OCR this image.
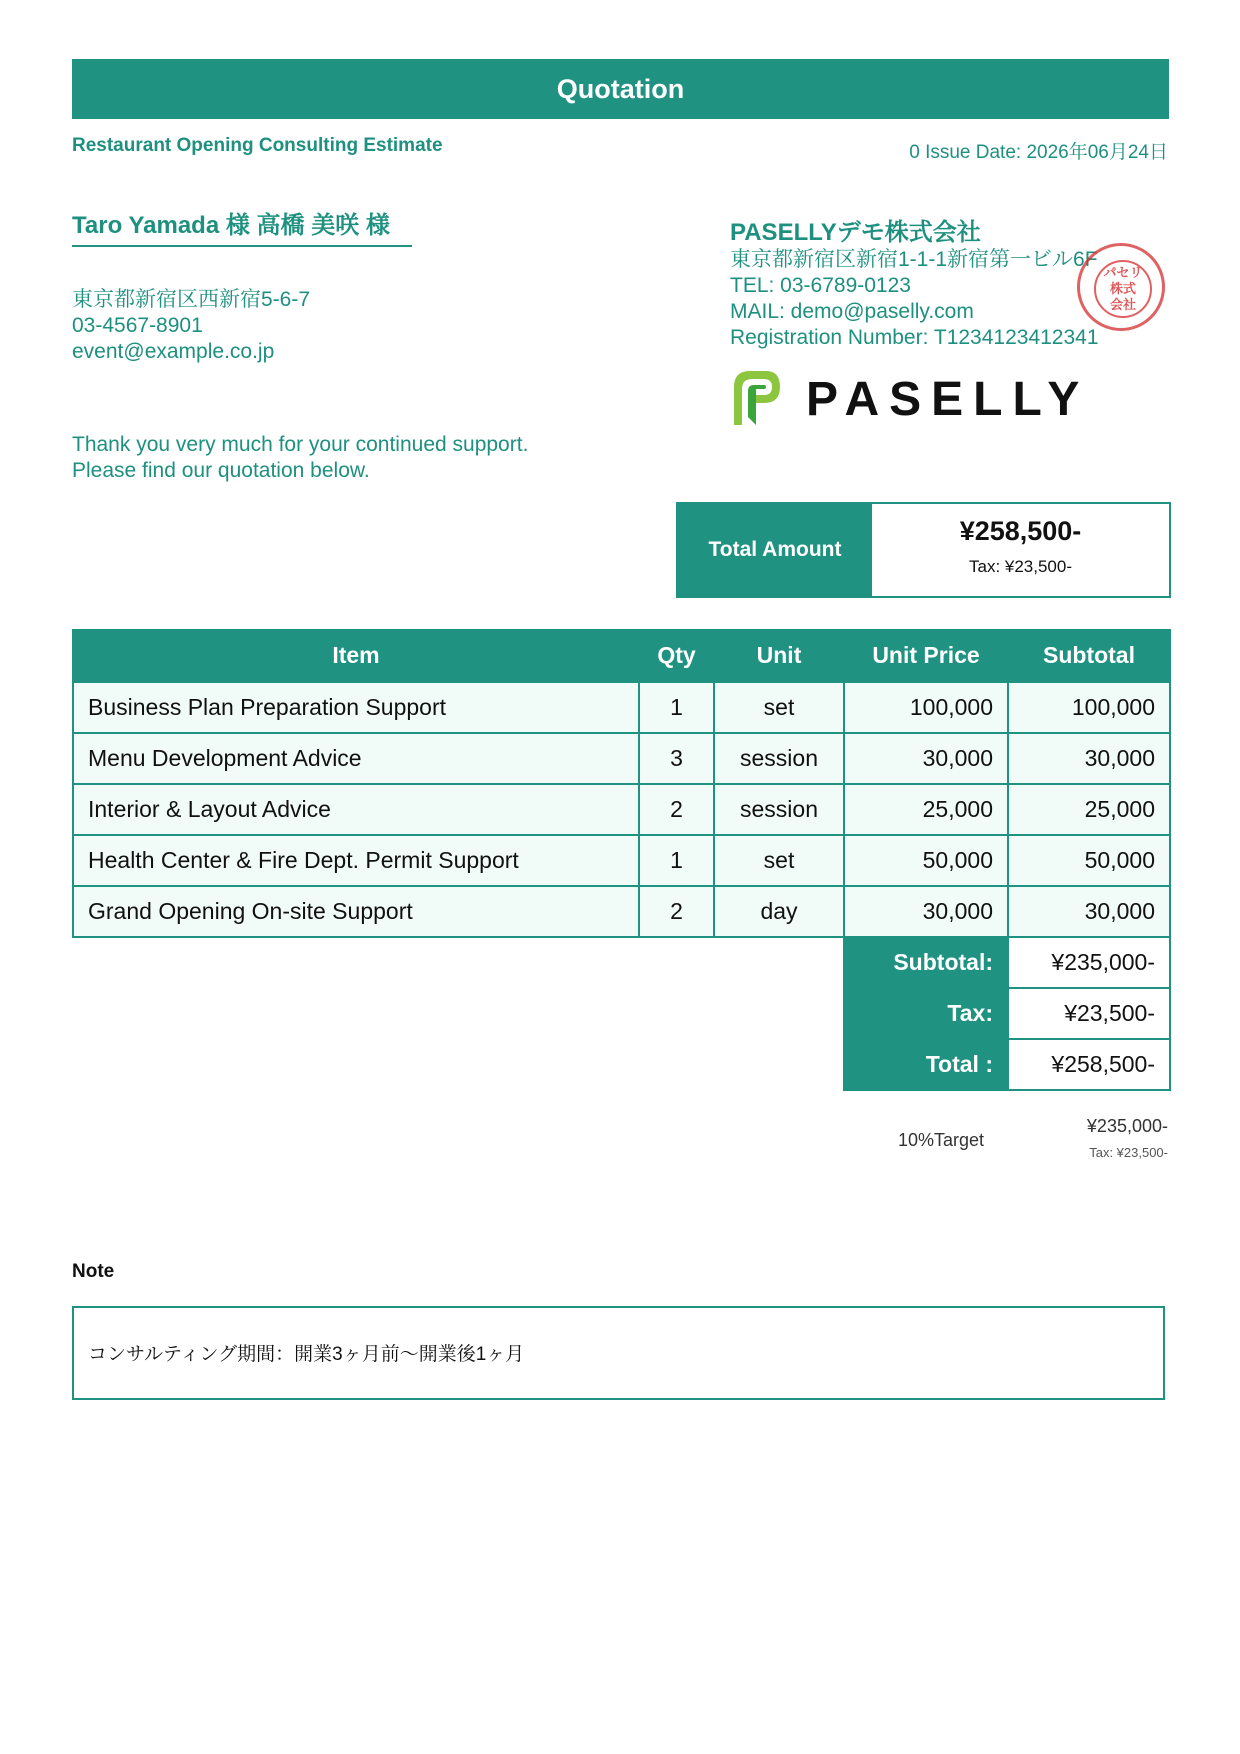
Quotation
Restaurant Opening Consulting Estimate	0 Issue Date: 2026年06月24日
Taro Yamada 様 高橋 美咲 様
東京都新宿区西新宿5-6-7
03-4567-8901
event@example.co.jp
PASELLYデモ株式会社
東京都新宿区新宿1-1-1新宿第一ビル6F
TEL: 03-6789-0123
MAIL: demo@paselly.com
Registration Number: T1234123412341
パセリ
株式
会社
PASELLY
Thank you very much for your continued support.
Please find our quotation below.
Total Amount
¥258,500-
Tax: ¥23,500-
Item	Qty	Unit	Unit Price	Subtotal
Business Plan Preparation Support	1	set	100,000	100,000
Menu Development Advice	3	session	30,000	30,000
Interior & Layout Advice	2	session	25,000	25,000
Health Center & Fire Dept. Permit Support	1	set	50,000	50,000
Grand Opening On-site Support	2	day	30,000	30,000
			Subtotal:	¥235,000-
			Tax:	¥23,500-
			Total :	¥258,500-
10%Target
¥235,000-
Tax: ¥23,500-
Note
コンサルティング期間：開業3ヶ月前〜開業後1ヶ月
